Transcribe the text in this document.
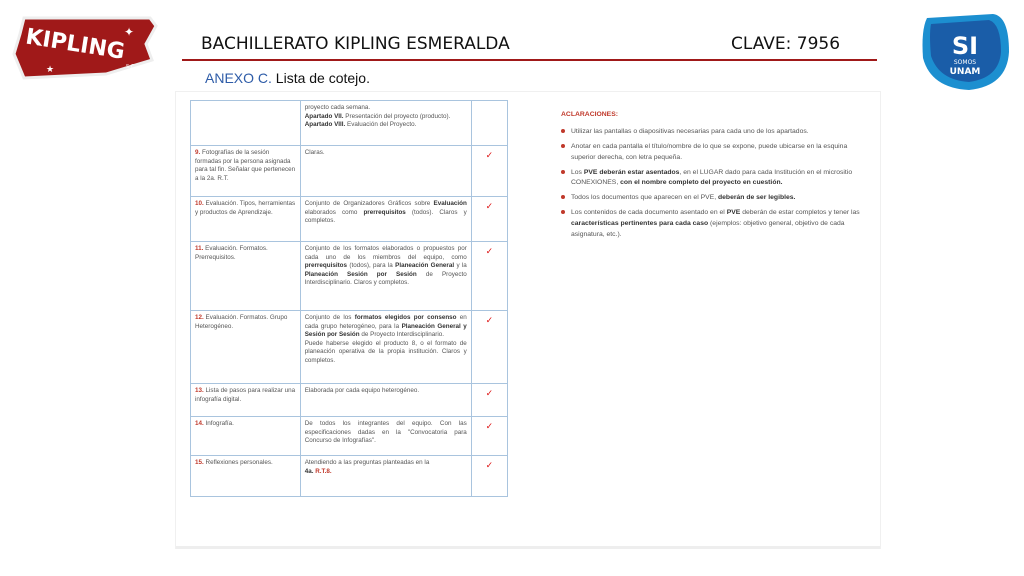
KIPLING
S.C.
✦
★
BACHILLERATO KIPLING ESMERALDA	CLAVE: 7956	SI
SOMOS
UNAM
ANEXO C. Lista de cotejo.
	proyecto cada semana.
Apartado VII. Presentación del proyecto (producto).
Apartado VIII. Evaluación del Proyecto.	
9. Fotografías de la sesión formadas por la persona asignada para tal fin. Señalar que pertenecen a la 2a. R.T.	Claras.	✓
10. Evaluación. Tipos, herramientas y productos de Aprendizaje.	Conjunto de Organizadores Gráficos sobre Evaluación elaborados como prerrequisitos (todos). Claros y completos.	✓
11. Evaluación. Formatos. Prerrequisitos.	Conjunto de los formatos elaborados o propuestos por cada uno de los miembros del equipo, como prerrequisitos (todos), para la Planeación General y la Planeación Sesión por Sesión de Proyecto Interdisciplinario. Claros y completos.	✓
12. Evaluación. Formatos. Grupo Heterogéneo.	Conjunto de los formatos elegidos por consenso en cada grupo heterogéneo, para la Planeación General y Sesión por Sesión de Proyecto Interdisciplinario.
Puede haberse elegido el producto 8, o el formato de planeación operativa de la propia institución. Claros y completos.	✓
13. Lista de pasos para realizar una infografía digital.	Elaborada por cada equipo heterogéneo.	✓
14. Infografía.	De todos los integrantes del equipo. Con las especificaciones dadas en la "Convocatoria para Concurso de Infografías".	✓
15. Reflexiones personales.	Atendiendo a las preguntas planteadas en la
4a. R.T.8.	✓
ACLARACIONES:
Utilizar las pantallas o diapositivas necesarias para cada uno de los apartados.
Anotar en cada pantalla el título/nombre de lo que se expone, puede ubicarse en la esquina superior derecha, con letra pequeña.
Los PVE deberán estar asentados, en el LUGAR dado para cada Institución en el micrositio CONEXIONES, con el nombre completo del proyecto en cuestión.
Todos los documentos que aparecen en el PVE, deberán de ser legibles.
Los contenidos de cada documento asentado en el PVE deberán de estar completos y tener las características pertinentes para cada caso (ejemplos: objetivo general, objetivo de cada asignatura, etc.).
